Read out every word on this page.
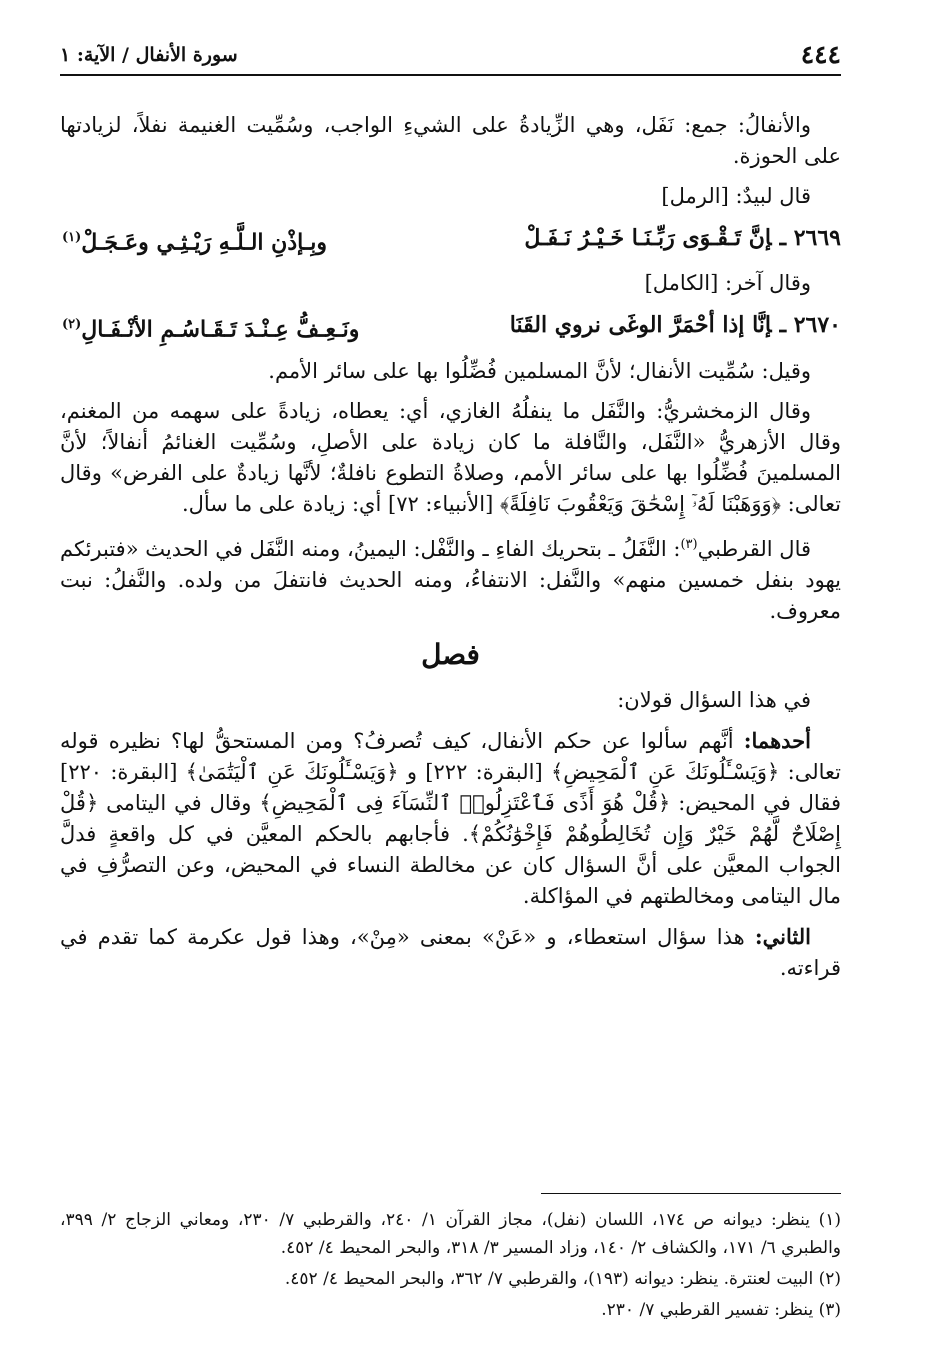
٤٤٤
سورة الأنفال / الآية: ١

والأنفالُ: جمع: نَفَل، وهي الزِّيادةُ على الشيءِ الواجب، وسُمِّيت الغنيمة نفلاً، لزيادتها على الحوزة.

قال لبيدٌ: [الرمل]

٢٦٦٩ ـإنَّ تَـقْـوَى رَبِّـنَـا خَـيْـرُ نَـفَـلْ
وبِـإذْنِ الـلَّـهِ رَيْـثِـي وعَـجَـلْ$^{(١)}$

وقال آخر: [الكامل]

٢٦٧٠ ـإنَّا إذا أحْمَرَّ الوغَى نروي القَنَا
ونَـعِـفُّ عِـنْـدَ تَـقَـاسُـمِ الأنْـفَـالِ$^{(٢)}$

وقيل: سُمِّيت الأنفال؛ لأنَّ المسلمين فُضِّلُوا بها على سائر الأمم.

وقال الزمخشريُّ: والنَّفَل ما ينفلُهُ الغازي، أي: يعطاه، زيادةً على سهمه من المغنم، وقال الأزهريُّ «النَّفَل، والنَّافلة ما كان زيادة على الأصلِ، وسُمِّيت الغنائمُ أنفالاً؛ لأنَّ المسلمينَ فُضِّلُوا بها على سائر الأمم، وصلاةُ التطوع نافلةٌ؛ لأنَّها زيادةٌ على الفرض» وقال تعالى: ﴿وَوَهَبْنَا لَهُۥٓ إِسْحَٰقَ وَيَعْقُوبَ نَافِلَةً﴾ [الأنبياء: ٧٢] أي: زيادة على ما سأل.

قال القرطبي$^{(٣)}$: النَّفَلُ ـ بتحريك الفاءِ ـ والنَّفْل: اليمينُ، ومنه النَّفَل في الحديث «فتبرئكم يهود بنفل خمسين منهم» والنَّفل: الانتفاءُ، ومنه الحديث فانتفلَ من ولده. والنَّفلُ: نبت معروف.

فصل

في هذا السؤال قولان:

أحدهما: أنَّهم سألوا عن حكم الأنفال، كيف تُصرفُ؟ ومن المستحقُّ لها؟ نظيره قوله تعالى: ﴿وَيَسْـَٔلُونَكَ عَنِ ٱلْمَحِيضِ﴾ [البقرة: ٢٢٢] و ﴿وَيَسْـَٔلُونَكَ عَنِ ٱلْيَتَٰمَىٰ﴾ [البقرة: ٢٢٠] فقال في المحيض: ﴿قُلْ هُوَ أَذًى فَٱعْتَزِلُوا۟ ٱلنِّسَآءَ فِى ٱلْمَحِيضِ﴾ وقال في اليتامى ﴿قُلْ إِصْلَاحٌ لَّهُمْ خَيْرٌ وَإِن تُخَالِطُوهُمْ فَإِخْوَٰنُكُمْ﴾. فأجابهم بالحكم المعيَّن في كل واقعةٍ فدلَّ الجواب المعيَّن على أنَّ السؤال كان عن مخالطة النساء في المحيض، وعن التصرُّفِ في مال اليتامى ومخالطتهم في المؤاكلة.

الثاني: هذا سؤال استعطاء، و «عَنْ» بمعنى «مِنْ»، وهذا قول عكرمة كما تقدم في قراءته.

(١) ينظر: ديوانه ص ١٧٤، اللسان (نفل)، مجاز القرآن ١/ ٢٤٠، والقرطبي ٧/ ٢٣٠، ومعاني الزجاج ٢/ ٣٩٩، والطبري ٦/ ١٧١، والكشاف ٢/ ١٤٠، وزاد المسير ٣/ ٣١٨، والبحر المحيط ٤/ ٤٥٢.

(٢) البيت لعنترة. ينظر: ديوانه (١٩٣)، والقرطبي ٧/ ٣٦٢، والبحر المحيط ٤/ ٤٥٢.

(٣) ينظر: تفسير القرطبي ٧/ ٢٣٠.
